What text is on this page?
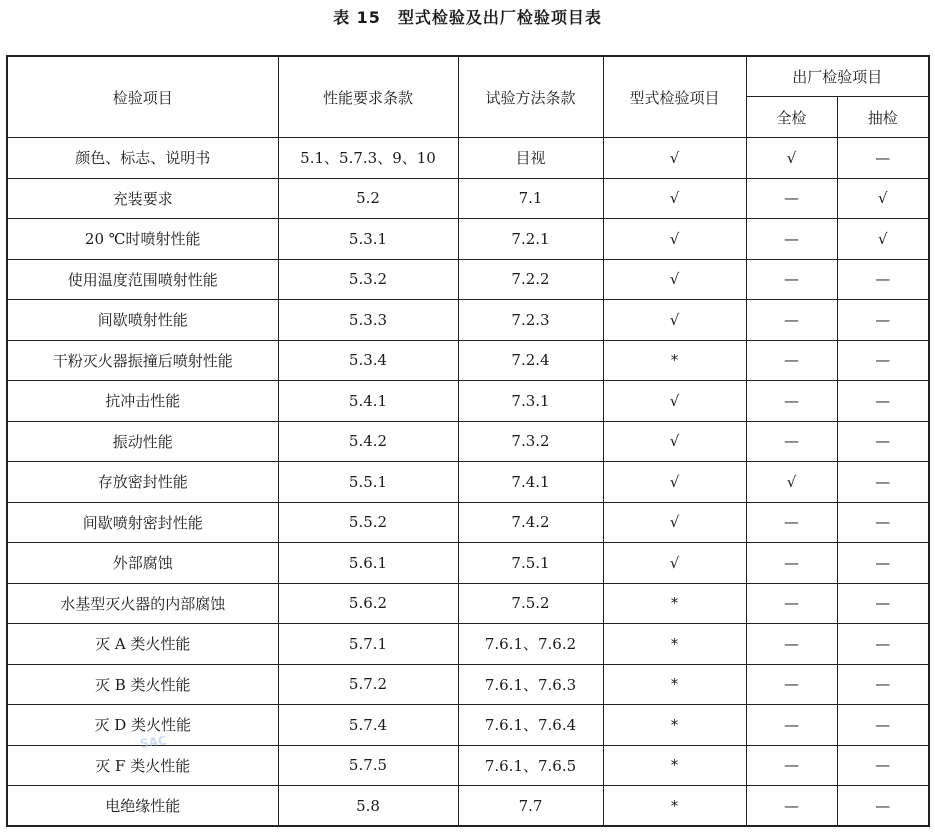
表 15　型式检验及出厂检验项目表
检验项目	性能要求条款	试验方法条款	型式检验项目	出厂检验项目	
				全检	抽检
颜色、标志、说明书	5.1、5.7.3、9、10	目视	√	√	—
充装要求	5.2	7.1	√	—	√
20 ℃时喷射性能	5.3.1	7.2.1	√	—	√
使用温度范围喷射性能	5.3.2	7.2.2	√	—	—
间歇喷射性能	5.3.3	7.2.3	√	—	—
干粉灭火器振撞后喷射性能	5.3.4	7.2.4	*	—	—
抗冲击性能	5.4.1	7.3.1	√	—	—
振动性能	5.4.2	7.3.2	√	—	—
存放密封性能	5.5.1	7.4.1	√	√	—
间歇喷射密封性能	5.5.2	7.4.2	√	—	—
外部腐蚀	5.6.1	7.5.1	√	—	—
水基型灭火器的内部腐蚀	5.6.2	7.5.2	*	—	—
灭 A 类火性能	5.7.1	7.6.1、7.6.2	*	—	—
灭 B 类火性能	5.7.2	7.6.1、7.6.3	*	—	—
灭 D 类火性能	5.7.4	7.6.1、7.6.4	*	—	—
灭 F 类火性能	5.7.5	7.6.1、7.6.5	*	—	—
电绝缘性能	5.8	7.7	*	—	—
SAC
